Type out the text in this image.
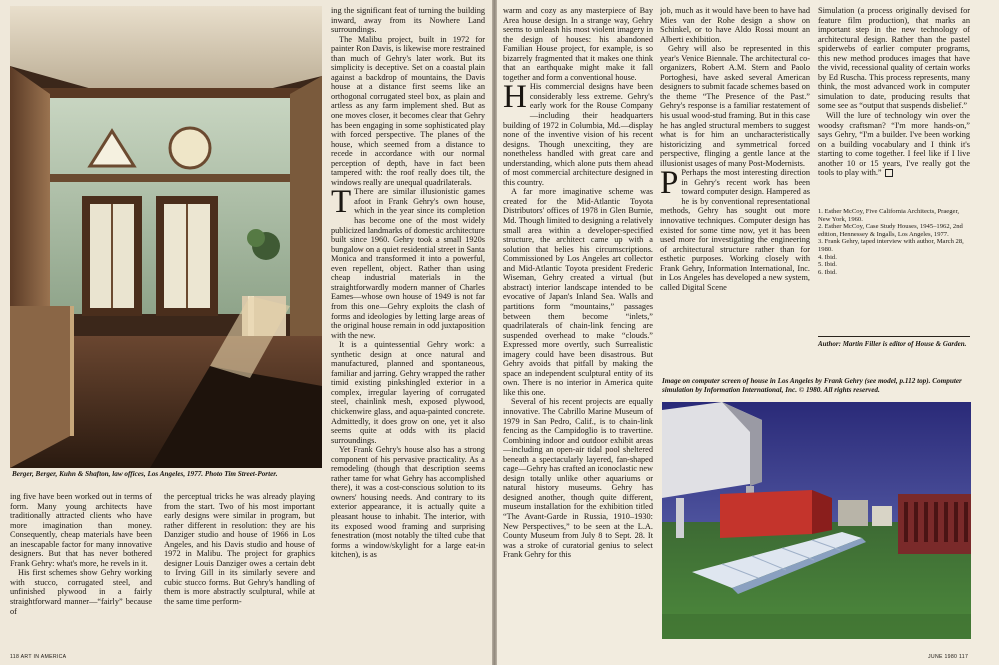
Berger, Berger, Kuhn & Shafton, law offices, Los Angeles, 1977. Photo Tim Street-Porter.

ing five have been worked out in terms of form. Many young architects have traditionally attracted clients who have more imagination than money. Consequently, cheap materials have been an inescapable factor for many innovative designers. But that has never bothered Frank Gehry: what's more, he revels in it.

His first schemes show Gehry working with stucco, corrugated steel, and unfinished plywood in a fairly straightforward manner—“fairly” because of

the perceptual tricks he was already playing from the start. Two of his most important early designs were similar in program, but rather different in resolution: they are his Danziger studio and house of 1966 in Los Angeles, and his Davis studio and house of 1972 in Malibu. The project for graphics designer Louis Danziger owes a certain debt to Irving Gill in its similarly severe and cubic stucco forms. But Gehry's handling of them is more abstractly sculptural, while at the same time perform-

ing the significant feat of turning the building inward, away from its Nowhere Land surroundings.

The Malibu project, built in 1972 for painter Ron Davis, is likewise more restrained than much of Gehry's later work. But its simplicity is deceptive. Set on a coastal plain against a backdrop of mountains, the Davis house at a distance first seems like an orthogonal corrugated steel box, as plain and artless as any farm implement shed. But as one moves closer, it becomes clear that Gehry has been engaging in some sophisticated play with forced perspective. The planes of the house, which seemed from a distance to recede in accordance with our normal perception of depth, have in fact been tampered with: the roof really does tilt, the windows really are unequal quadrilaterals.

T There are similar illusionistic games afoot in Frank Gehry's own house, which in the year since its completion has become one of the most widely publicized landmarks of domestic architecture built since 1960. Gehry took a small 1920s bungalow on a quiet residential street in Santa Monica and transformed it into a powerful, even repellent, object. Rather than using cheap industrial materials in the straightforwardly modern manner of Charles Eames—whose own house of 1949 is not far from this one—Gehry exploits the clash of forms and ideologies by letting large areas of the original house remain in odd juxtaposition with the new.

It is a quintessential Gehry work: a synthetic design at once natural and manufactured, planned and spontaneous, familiar and jarring. Gehry wrapped the rather timid existing pinkshingled exterior in a complex, irregular layering of corrugated steel, chainlink mesh, exposed plywood, chickenwire glass, and aqua-painted concrete. Admittedly, it does grow on one, yet it also seems quite at odds with its placid surroundings.

Yet Frank Gehry's house also has a strong component of his pervasive practicality. As a remodeling (though that description seems rather tame for what Gehry has accomplished there), it was a cost-conscious solution to its owners' housing needs. And contrary to its exterior appearance, it is actually quite a pleasant house to inhabit. The interior, with its exposed wood framing and surprising fenestration (most notably the tilted cube that forms a window/skylight for a large eat-in kitchen), is as

118 ART IN AMERICA

warm and cozy as any masterpiece of Bay Area house design. In a strange way, Gehry seems to unleash his most violent imagery in the design of houses: his abandoned Familian House project, for example, is so bizarrely fragmented that it makes one think that an earthquake might make it fall together and form a conventional house.

H His commercial designs have been considerably less extreme. Gehry's early work for the Rouse Company—including their headquarters building of 1972 in Columbia, Md.—display none of the inventive vision of his recent designs. Though unexciting, they are nonetheless handled with great care and understanding, which alone puts them ahead of most commercial architecture designed in this country.

A far more imaginative scheme was created for the Mid-Atlantic Toyota Distributors' offices of 1978 in Glen Burnie, Md. Though limited to designing a relatively small area within a developer-specified structure, the architect came up with a solution that belies his circumscriptions. Commissioned by Los Angeles art collector and Mid-Atlantic Toyota president Frederic Wiseman, Gehry created a virtual (but abstract) interior landscape intended to be evocative of Japan's Inland Sea. Walls and partitions form “mountains,” passages between them become “inlets,” quadrilaterals of chain-link fencing are suspended overhead to make “clouds.” Expressed more overtly, such Surrealistic imagery could have been disastrous. But Gehry avoids that pitfall by making the space an independent sculptural entity of its own. There is no interior in America quite like this one.

Several of his recent projects are equally innovative. The Cabrillo Marine Museum of 1979 in San Pedro, Calif., is to chain-link fencing as the Campidoglio is to travertine. Combining indoor and outdoor exhibit areas—including an open-air tidal pool sheltered beneath a spectacularly layered, fan-shaped cage—Gehry has crafted an iconoclastic new design totally unlike other aquariums or natural history museums. Gehry has designed another, though quite different, museum installation for the exhibition titled “The Avant-Garde in Russia, 1910–1930: New Perspectives,” to be seen at the L.A. County Museum from July 8 to Sept. 28. It was a stroke of curatorial genius to select Frank Gehry for this

job, much as it would have been to have had Mies van der Rohe design a show on Schinkel, or to have Aldo Rossi mount an Alberti exhibition.

Gehry will also be represented in this year's Venice Biennale. The architectural co-organizers, Robert A.M. Stern and Paolo Portoghesi, have asked several American designers to submit facade schemes based on the theme “The Presence of the Past.” Gehry's response is a familiar restatement of his usual wood-stud framing. But in this case he has angled structural members to suggest what is for him an uncharacteristically historicizing and symmetrical forced perspective, flinging a gentle lance at the illusionist usages of many Post-Modernists.

P Perhaps the most interesting direction in Gehry's recent work has been toward computer design. Hampered as he is by conventional representational methods, Gehry has sought out more innovative techniques. Computer design has existed for some time now, yet it has been used more for investigating the engineering of architectural structure rather than for esthetic purposes. Working closely with Frank Gehry, Information International, Inc. in Los Angeles has developed a new system, called Digital Scene

Simulation (a process originally devised for feature film production), that marks an important step in the new technology of architectural design. Rather than the pastel spiderwebs of earlier computer programs, this new method produces images that have the vivid, recessional quality of certain works by Ed Ruscha. This process represents, many think, the most advanced work in computer simulation to date, producing results that some see as “output that suspends disbelief.”

Will the lure of technology win over the woodsy craftsman? “I'm more hands-on,” says Gehry, “I'm a builder. I've been working on a building vocabulary and I think it's starting to come together. I feel like if I live another 10 or 15 years, I've really got the tools to play with.”

1. Esther McCoy, Five California Architects, Praeger, New York, 1960.
2. Esther McCoy, Case Study Houses, 1945–1962, 2nd edition, Hennessey & Ingalls, Los Angeles, 1977.
3. Frank Gehry, taped interview with author, March 28, 1980.
4. Ibid.
5. Ibid.
6. Ibid.
Author: Martin Filler is editor of House & Garden.
Image on computer screen of house in Los Angeles by Frank Gehry (see model, p.112 top). Computer simulation by Information International, Inc. © 1980. All rights reserved.
JUNE 1980 117
